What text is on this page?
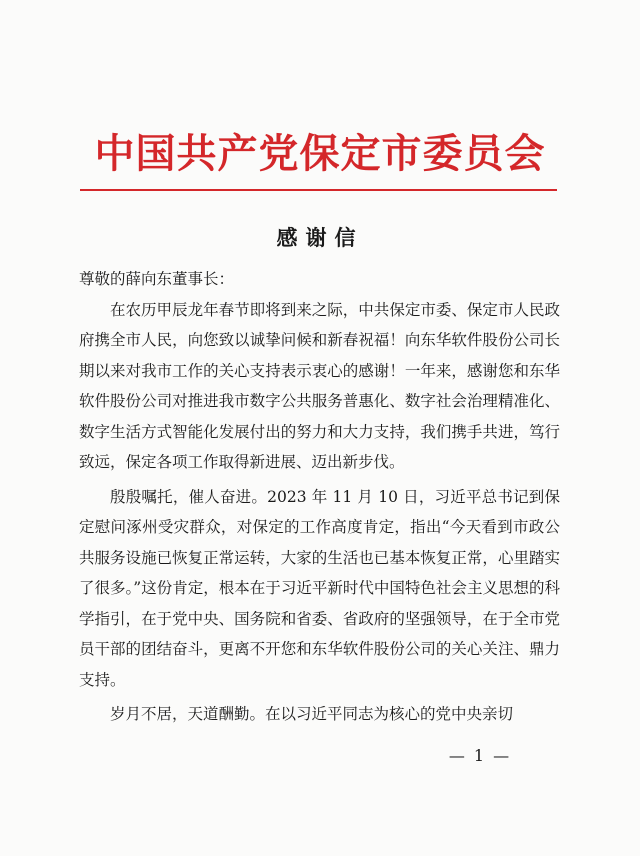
中国共产党保定市委员会
感谢信

尊敬的薛向东董事长：

在农历甲辰龙年春节即将到来之际，中共保定市委、保定市人民政府携全市人民，向您致以诚挚问候和新春祝福！向东华软件股份公司长期以来对我市工作的关心支持表示衷心的感谢！一年来，感谢您和东华软件股份公司对推进我市数字公共服务普惠化、数字社会治理精准化、数字生活方式智能化发展付出的努力和大力支持，我们携手共进，笃行致远，保定各项工作取得新进展、迈出新步伐。

殷殷嘱托，催人奋进。2023 年 11 月 10 日，习近平总书记到保定慰问涿州受灾群众，对保定的工作高度肯定，指出“今天看到市政公共服务设施已恢复正常运转，大家的生活也已基本恢复正常，心里踏实了很多。”这份肯定，根本在于习近平新时代中国特色社会主义思想的科学指引，在于党中央、国务院和省委、省政府的坚强领导，在于全市党员干部的团结奋斗，更离不开您和东华软件股份公司的关心关注、鼎力支持。

岁月不居，天道酬勤。在以习近平同志为核心的党中央亲切

— 1 —
